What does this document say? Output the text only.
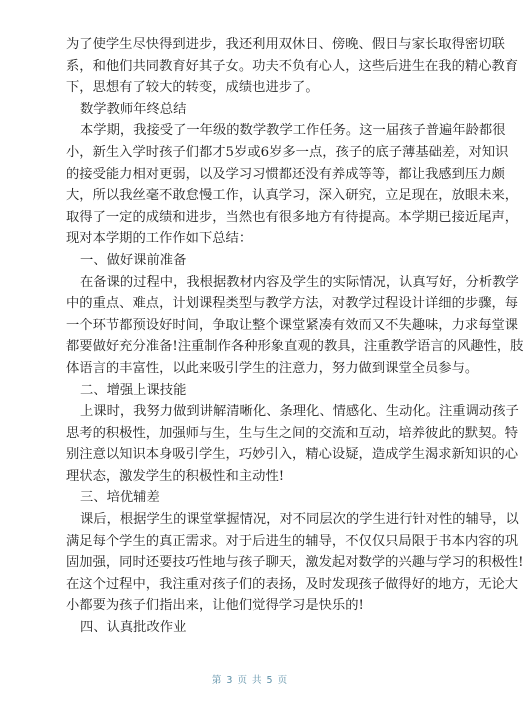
为了使学生尽快得到进步，我还利用双休日、傍晚、假日与家长取得密切联
系，和他们共同教育好其子女。功夫不负有心人，这些后进生在我的精心教育
下，思想有了较大的转变，成绩也进步了。
数学教师年终总结
本学期，我接受了一年级的数学教学工作任务。这一届孩子普遍年龄都很
小，新生入学时孩子们都才5岁或6岁多一点，孩子的底子薄基础差，对知识
的接受能力相对更弱，以及学习习惯都还没有养成等等，都让我感到压力颇
大，所以我丝毫不敢怠慢工作，认真学习，深入研究，立足现在，放眼未来，
取得了一定的成绩和进步，当然也有很多地方有待提高。本学期已接近尾声，
现对本学期的工作作如下总结：
一、做好课前准备
在备课的过程中，我根据教材内容及学生的实际情况，认真写好，分析教学
中的重点、难点，计划课程类型与教学方法，对教学过程设计详细的步骤，每
一个环节都预设好时间，争取让整个课堂紧凑有效而又不失趣味，力求每堂课
都要做好充分准备!注重制作各种形象直观的教具，注重教学语言的风趣性，肢
体语言的丰富性，以此来吸引学生的注意力，努力做到课堂全员参与。
二、增强上课技能
上课时，我努力做到讲解清晰化、条理化、情感化、生动化。注重调动孩子
思考的积极性，加强师与生，生与生之间的交流和互动，培养彼此的默契。特
别注意以知识本身吸引学生，巧妙引入，精心设疑，造成学生渴求新知识的心
理状态，激发学生的积极性和主动性!
三、培优辅差
课后，根据学生的课堂掌握情况，对不同层次的学生进行针对性的辅导，以
满足每个学生的真正需求。对于后进生的辅导，不仅仅只局限于书本内容的巩
固加强，同时还要技巧性地与孩子聊天，激发起对数学的兴趣与学习的积极性!
在这个过程中，我注重对孩子们的表扬，及时发现孩子做得好的地方，无论大
小都要为孩子们指出来，让他们觉得学习是快乐的!
四、认真批改作业
第 3 页 共 5 页
